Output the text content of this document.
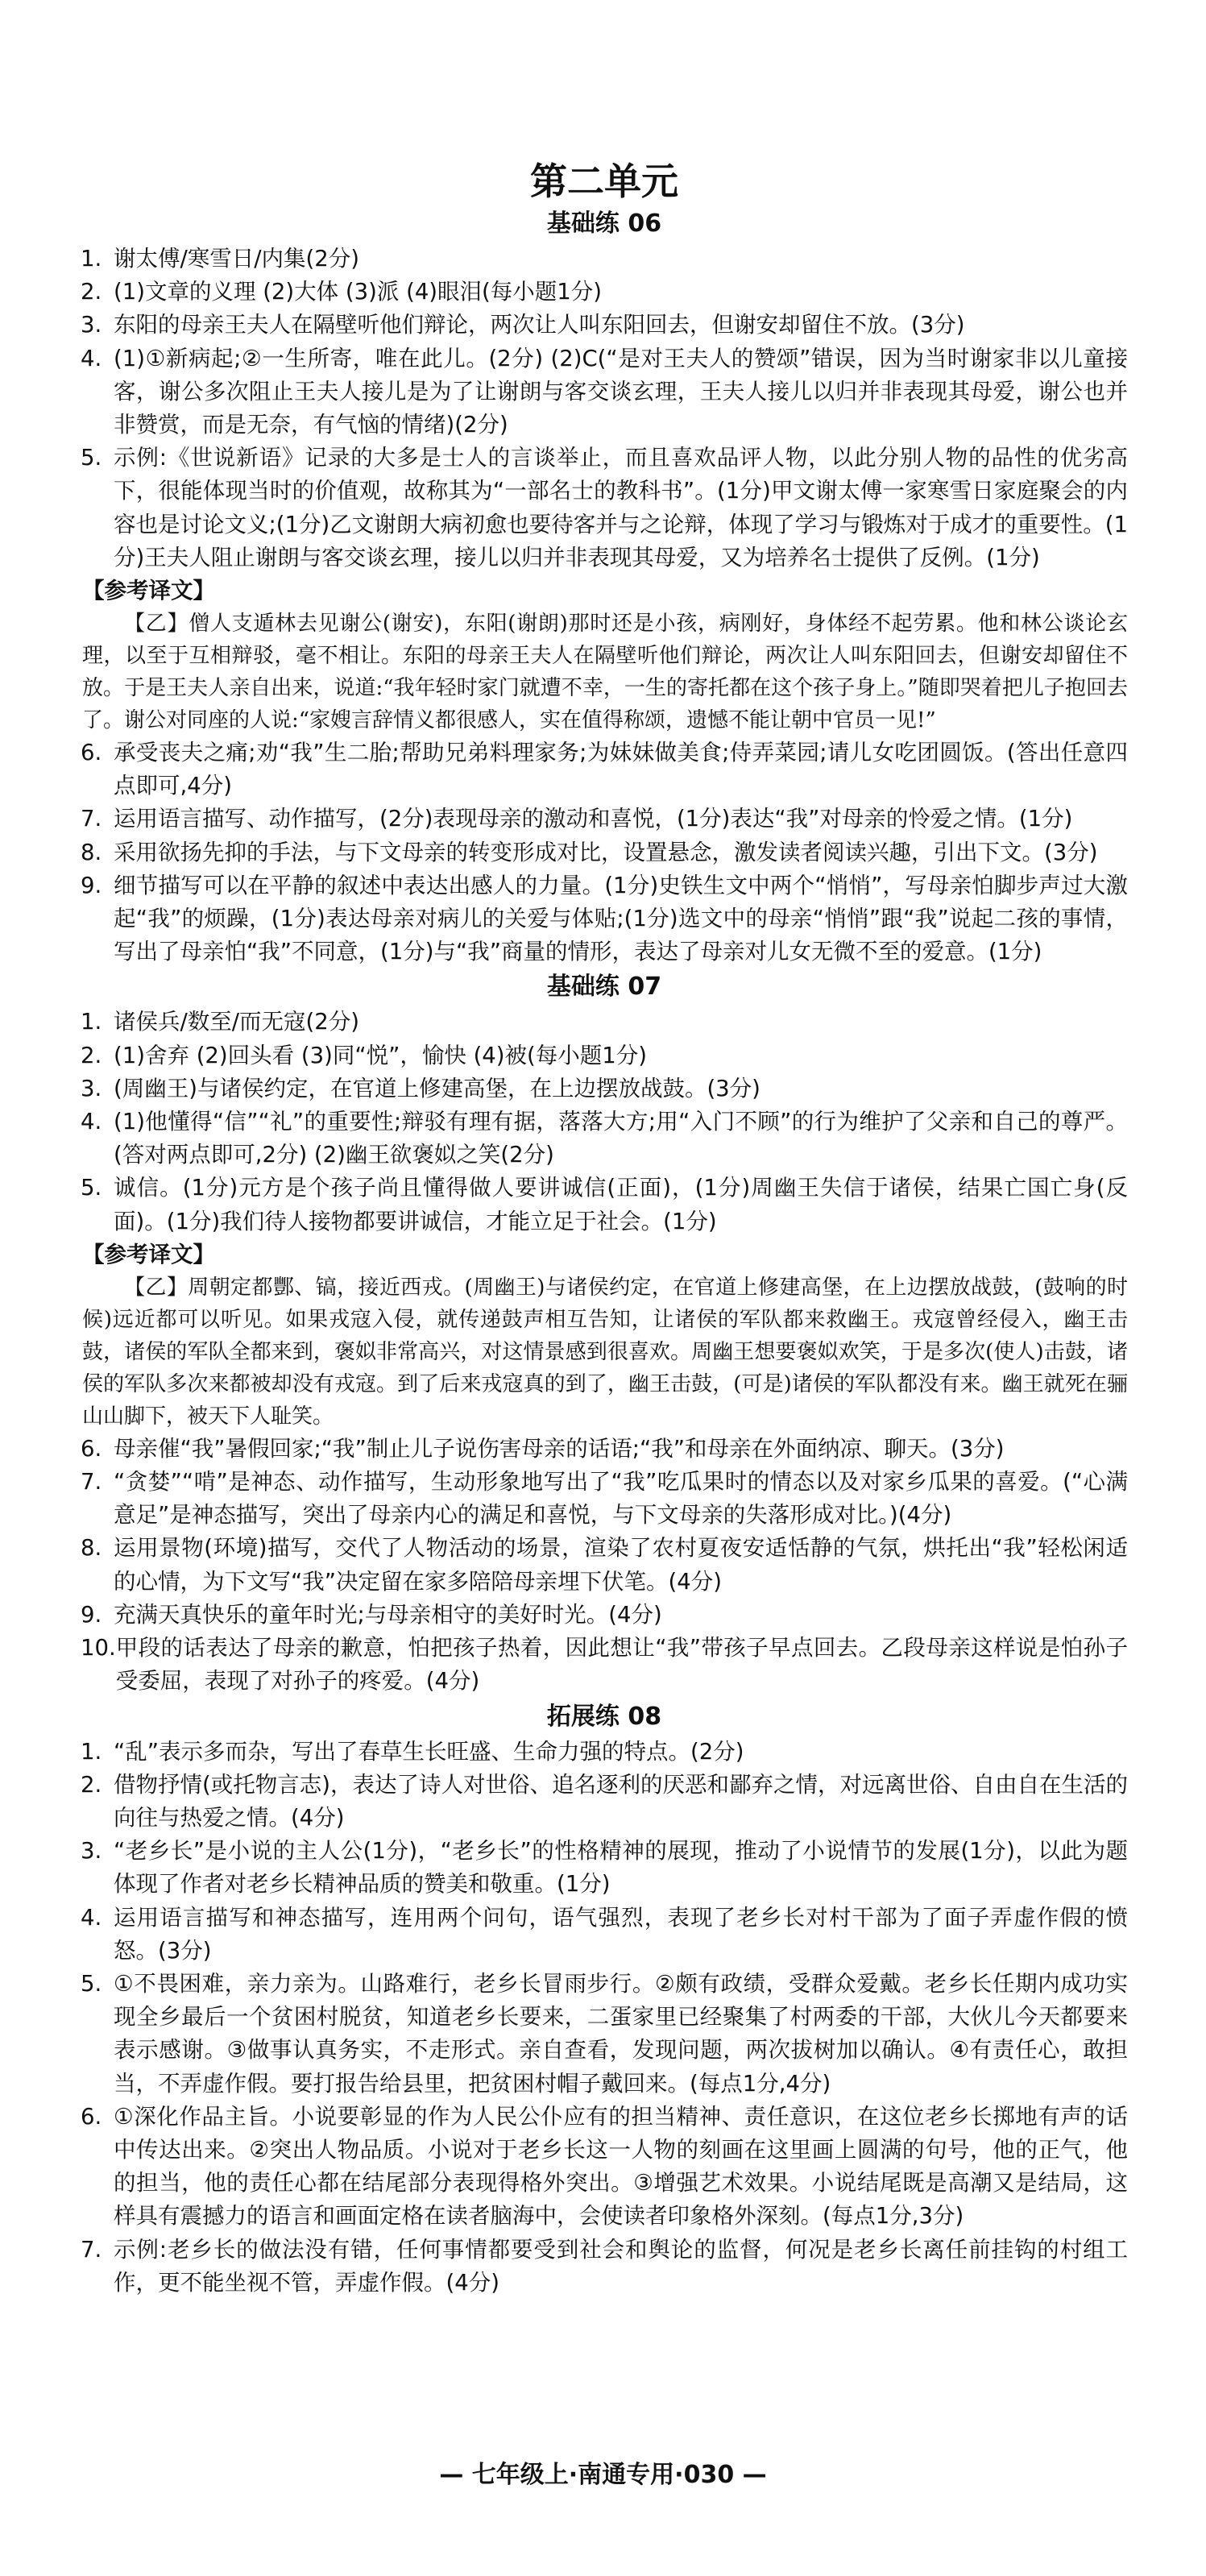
第二单元
基础练 06
1. 谢太傅/寒雪日/内集(2分)
2. (1)文章的义理 (2)大体 (3)派 (4)眼泪(每小题1分)
3. 东阳的母亲王夫人在隔壁听他们辩论，两次让人叫东阳回去，但谢安却留住不放。(3分)
4. (1)①新病起;②一生所寄，唯在此儿。(2分) (2)C(“是对王夫人的赞颂”错误，因为当时谢家非以儿童接客，谢公多次阻止王夫人接儿是为了让谢朗与客交谈玄理，王夫人接儿以归并非表现其母爱，谢公也并非赞赏，而是无奈，有气恼的情绪)(2分)
5. 示例:《世说新语》记录的大多是士人的言谈举止，而且喜欢品评人物，以此分别人物的品性的优劣高下，很能体现当时的价值观，故称其为“一部名士的教科书”。(1分)甲文谢太傅一家寒雪日家庭聚会的内容也是讨论文义;(1分)乙文谢朗大病初愈也要待客并与之论辩，体现了学习与锻炼对于成才的重要性。(1分)王夫人阻止谢朗与客交谈玄理，接儿以归并非表现其母爱，又为培养名士提供了反例。(1分)
【参考译文】
【乙】僧人支遁林去见谢公(谢安)，东阳(谢朗)那时还是小孩，病刚好，身体经不起劳累。他和林公谈论玄理，以至于互相辩驳，毫不相让。东阳的母亲王夫人在隔壁听他们辩论，两次让人叫东阳回去，但谢安却留住不放。于是王夫人亲自出来，说道:“我年轻时家门就遭不幸，一生的寄托都在这个孩子身上。”随即哭着把儿子抱回去了。谢公对同座的人说:“家嫂言辞情义都很感人，实在值得称颂，遗憾不能让朝中官员一见!”
6. 承受丧夫之痛;劝“我”生二胎;帮助兄弟料理家务;为妹妹做美食;侍弄菜园;请儿女吃团圆饭。(答出任意四点即可,4分)
7. 运用语言描写、动作描写，(2分)表现母亲的激动和喜悦，(1分)表达“我”对母亲的怜爱之情。(1分)
8. 采用欲扬先抑的手法，与下文母亲的转变形成对比，设置悬念，激发读者阅读兴趣，引出下文。(3分)
9. 细节描写可以在平静的叙述中表达出感人的力量。(1分)史铁生文中两个“悄悄”，写母亲怕脚步声过大激起“我”的烦躁，(1分)表达母亲对病儿的关爱与体贴;(1分)选文中的母亲“悄悄”跟“我”说起二孩的事情，写出了母亲怕“我”不同意，(1分)与“我”商量的情形，表达了母亲对儿女无微不至的爱意。(1分)
基础练 07
1. 诸侯兵/数至/而无寇(2分)
2. (1)舍弃 (2)回头看 (3)同“悦”，愉快 (4)被(每小题1分)
3. (周幽王)与诸侯约定，在官道上修建高堡，在上边摆放战鼓。(3分)
4. (1)他懂得“信”“礼”的重要性;辩驳有理有据，落落大方;用“入门不顾”的行为维护了父亲和自己的尊严。(答对两点即可,2分) (2)幽王欲褒姒之笑(2分)
5. 诚信。(1分)元方是个孩子尚且懂得做人要讲诚信(正面)，(1分)周幽王失信于诸侯，结果亡国亡身(反面)。(1分)我们待人接物都要讲诚信，才能立足于社会。(1分)
【参考译文】
【乙】周朝定都酆、镐，接近西戎。(周幽王)与诸侯约定，在官道上修建高堡，在上边摆放战鼓，(鼓响的时候)远近都可以听见。如果戎寇入侵，就传递鼓声相互告知，让诸侯的军队都来救幽王。戎寇曾经侵入，幽王击鼓，诸侯的军队全都来到，褒姒非常高兴，对这情景感到很喜欢。周幽王想要褒姒欢笑，于是多次(使人)击鼓，诸侯的军队多次来都被却没有戎寇。到了后来戎寇真的到了，幽王击鼓，(可是)诸侯的军队都没有来。幽王就死在骊山山脚下，被天下人耻笑。
6. 母亲催“我”暑假回家;“我”制止儿子说伤害母亲的话语;“我”和母亲在外面纳凉、聊天。(3分)
7. “贪婪”“啃”是神态、动作描写，生动形象地写出了“我”吃瓜果时的情态以及对家乡瓜果的喜爱。(“心满意足”是神态描写，突出了母亲内心的满足和喜悦，与下文母亲的失落形成对比。)(4分)
8. 运用景物(环境)描写，交代了人物活动的场景，渲染了农村夏夜安适恬静的气氛，烘托出“我”轻松闲适的心情，为下文写“我”决定留在家多陪陪母亲埋下伏笔。(4分)
9. 充满天真快乐的童年时光;与母亲相守的美好时光。(4分)
10. 甲段的话表达了母亲的歉意，怕把孩子热着，因此想让“我”带孩子早点回去。乙段母亲这样说是怕孙子受委屈，表现了对孙子的疼爱。(4分)
拓展练 08
1. “乱”表示多而杂，写出了春草生长旺盛、生命力强的特点。(2分)
2. 借物抒情(或托物言志)，表达了诗人对世俗、追名逐利的厌恶和鄙弃之情，对远离世俗、自由自在生活的向往与热爱之情。(4分)
3. “老乡长”是小说的主人公(1分)，“老乡长”的性格精神的展现，推动了小说情节的发展(1分)，以此为题体现了作者对老乡长精神品质的赞美和敬重。(1分)
4. 运用语言描写和神态描写，连用两个问句，语气强烈，表现了老乡长对村干部为了面子弄虚作假的愤怒。(3分)
5. ①不畏困难，亲力亲为。山路难行，老乡长冒雨步行。②颇有政绩，受群众爱戴。老乡长任期内成功实现全乡最后一个贫困村脱贫，知道老乡长要来，二蛋家里已经聚集了村两委的干部，大伙儿今天都要来表示感谢。③做事认真务实，不走形式。亲自查看，发现问题，两次拔树加以确认。④有责任心，敢担当，不弄虚作假。要打报告给县里，把贫困村帽子戴回来。(每点1分,4分)
6. ①深化作品主旨。小说要彰显的作为人民公仆应有的担当精神、责任意识，在这位老乡长掷地有声的话中传达出来。②突出人物品质。小说对于老乡长这一人物的刻画在这里画上圆满的句号，他的正气，他的担当，他的责任心都在结尾部分表现得格外突出。③增强艺术效果。小说结尾既是高潮又是结局，这样具有震撼力的语言和画面定格在读者脑海中，会使读者印象格外深刻。(每点1分,3分)
7. 示例:老乡长的做法没有错，任何事情都要受到社会和舆论的监督，何况是老乡长离任前挂钩的村组工作，更不能坐视不管，弄虚作假。(4分)
— 七年级上·南通专用·030 —
